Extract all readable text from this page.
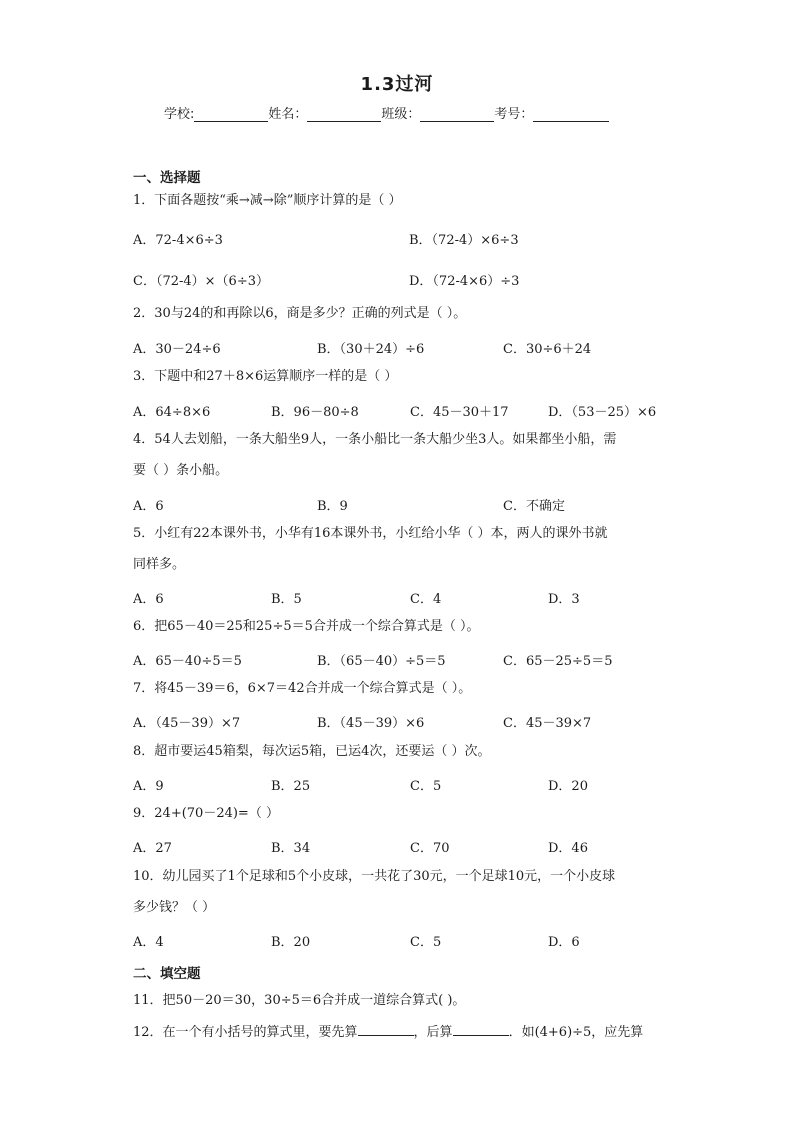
1.3过河
学校:	姓名：	班级：	考号：
一、选择题
1．下面各题按“乘→减→除”顺序计算的是（ ）
A．72-4×6÷3	B．（72-4）×6÷3
C．（72-4）×（6÷3）	D．（72-4×6）÷3
2．30与24的和再除以6，商是多少？正确的列式是（ ）。
A．30－24÷6	B．（30＋24）÷6	C．30÷6＋24
3．下题中和27＋8×6运算顺序一样的是（ ）
A．64÷8×6	B．96－80÷8	C．45－30＋17	D．（53－25）×6
4．54人去划船，一条大船坐9人，一条小船比一条大船少坐3人。如果都坐小船，需
要（ ）条小船。
A．6	B．9	C．不确定
5．小红有22本课外书，小华有16本课外书，小红给小华（ ）本，两人的课外书就
同样多。
A．6	B．5	C．4	D．3
6．把65－40＝25和25÷5＝5合并成一个综合算式是（ ）。
A．65－40÷5＝5	B．（65－40）÷5＝5	C．65－25÷5＝5
7．将45－39＝6，6×7＝42合并成一个综合算式是（ ）。
A．（45－39）×7	B．（45－39）×6	C．45－39×7
8．超市要运45箱梨，每次运5箱，已运4次，还要运（ ）次。
A．9	B．25	C．5	D．20
9．24+(70－24)=（ ）
A．27	B．34	C．70	D．46
10．幼儿园买了1个足球和5个小皮球，一共花了30元，一个足球10元，一个小皮球
多少钱？（ ）
A．4	B．20	C．5	D．6
二、填空题
11．把50－20＝30，30÷5＝6合并成一道综合算式( )。
12．在一个有小括号的算式里，要先算	，后算	．如(4+6)÷5，应先算
